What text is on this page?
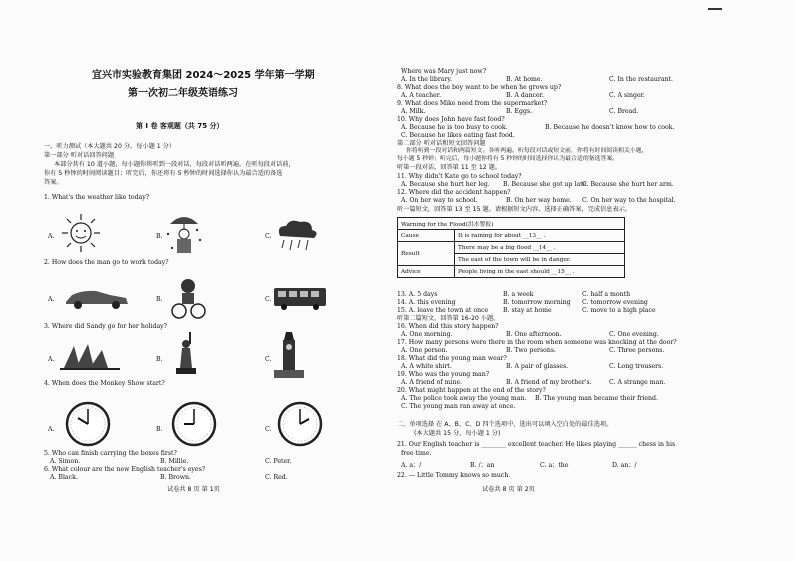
宜兴市实验教育集团 2024～2025 学年第一学期
第一次初二年级英语练习
第 I 卷 客观题（共 75 分）
一、听力测试（本大题共 20 分，每小题 1 分）
第一部分 听对话回答问题
本部分共有 10 道小题，每小题你将听到一段对话，每段对话听两遍。在听每段对话前，
你有 5 秒钟的时间阅读题目；听完后，你还将有 5 秒钟的时间选择你认为最合适的备选
答案。
1. What's the weather like today?
A.	B.	C.
2. How does the man go to work today?
A.	B.	C.
3. Where did Sandy go for her holiday?
A.	B.	C.
4. When does the Monkey Show start?
A.	B.	C.
5. Who can finish carrying the boxes first?
A. Simon.	B. Millie.	C. Peter.
6. What colour are the new English teacher's eyes?
A. Black.	B. Brown.	C. Red.
试卷共 8 页 第 1页
Where was Mary just now?
A. In the library.	B. At home.	C. In the restaurant.
8. What does the boy want to be when he grows up?
A. A teacher.	B. A dancer.	C. A singer.
9. What does Mike need from the supermarket?
A. Milk.	B. Eggs.	C. Bread.
10. Why does John have fast food?
A. Because he is too busy to cook.	B. Because he doesn't know how to cook.
C. Because he likes eating fast food.
第二部分 听对话和短文回答问题
你将听到一段对话和两篇短文。各听两遍。听每段对话或短文前，你将有时间阅读相关小题，
每小题 5 秒钟；听完后，每小题你将有 5 秒钟的时间选择你认为最合适的备选答案。
听第一段对话，回答第 11 至 12 题。
11. Why didn't Kate go to school today?
A. Because she hurt her leg. B. Because she got up late.
C. Because she hurt her arm.
12. Where did the accident happen?
A. On her way to school.	B. On her way home. C. On her way to the hospital.
听一篇短文，回答第 13 至 15 题。请根据短文内容，选择正确答案，完成信息表示。
Warning for the Flood(洪水警报)	
Cause	It is raining for about __13__ .
Result	There may be a big flood __14__ .
	The east of the town will be in danger.
Advice	People living in the east should __15__ .
13. A. 5 days	B. a week	C. half a month
14. A. this evening	B. tomorrow morning C. tomorrow evening
15. A. leave the town at once B. stay at home	C. move to a high place
听第二篇短文，回答第 16-20 小题。
16. When did this story happen?
A. One morning.	B. One afternoon.	C. One evening.
17. How many persons were there in the room when someone was knocking at the door?
A. One person.	B. Two persons.	C. Three persons.
18. What did the young man wear?
A. A white shirt.	B. A pair of glasses.	C. Long trousers.
19. Who was the young man?
A. A friend of mine.	B. A friend of my brother's.	C. A strange man.
20. What might happen at the end of the story?
A. The police took away the young man. B. The young man became their friend.
C. The young man ran away at once.
二、单项选择 在 A、B、C、D 四个选项中，选出可以填入空白处的最佳选项。
(本大题共 15 分，每小题 1 分)
21. Our English teacher is ________ excellent teacher. He likes playing ______ chess in his
free time.
A. a；/	B. /；an	C. a；the	D. an；/
22. — Little Tommy knows so much.
试卷共 8 页 第 2页
